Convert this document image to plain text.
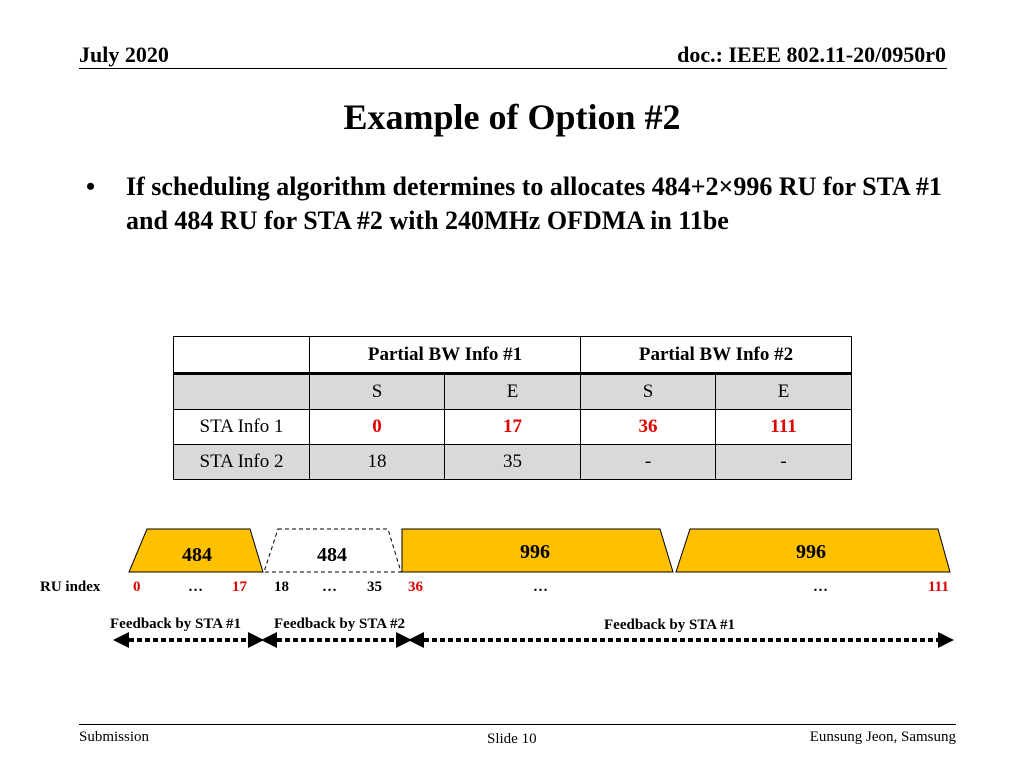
July 2020	doc.: IEEE 802.11-20/0950r0
Example of Option #2
• If scheduling algorithm determines to allocates 484+2×996 RU for STA #1 and 484 RU for STA #2 with 240MHz OFDMA in 11be
	Partial BW Info #1		Partial BW Info #2	
	S	E	S	E
STA Info 1	0	17	36	111
STA Info 2	18	35	-	-
484	484	996	996
RU index 0	… 17 18 … 35 36	…	…	111
Feedback by STA #1 Feedback by STA #2	Feedback by STA #1
Submission	Slide 10	Eunsung Jeon, Samsung
